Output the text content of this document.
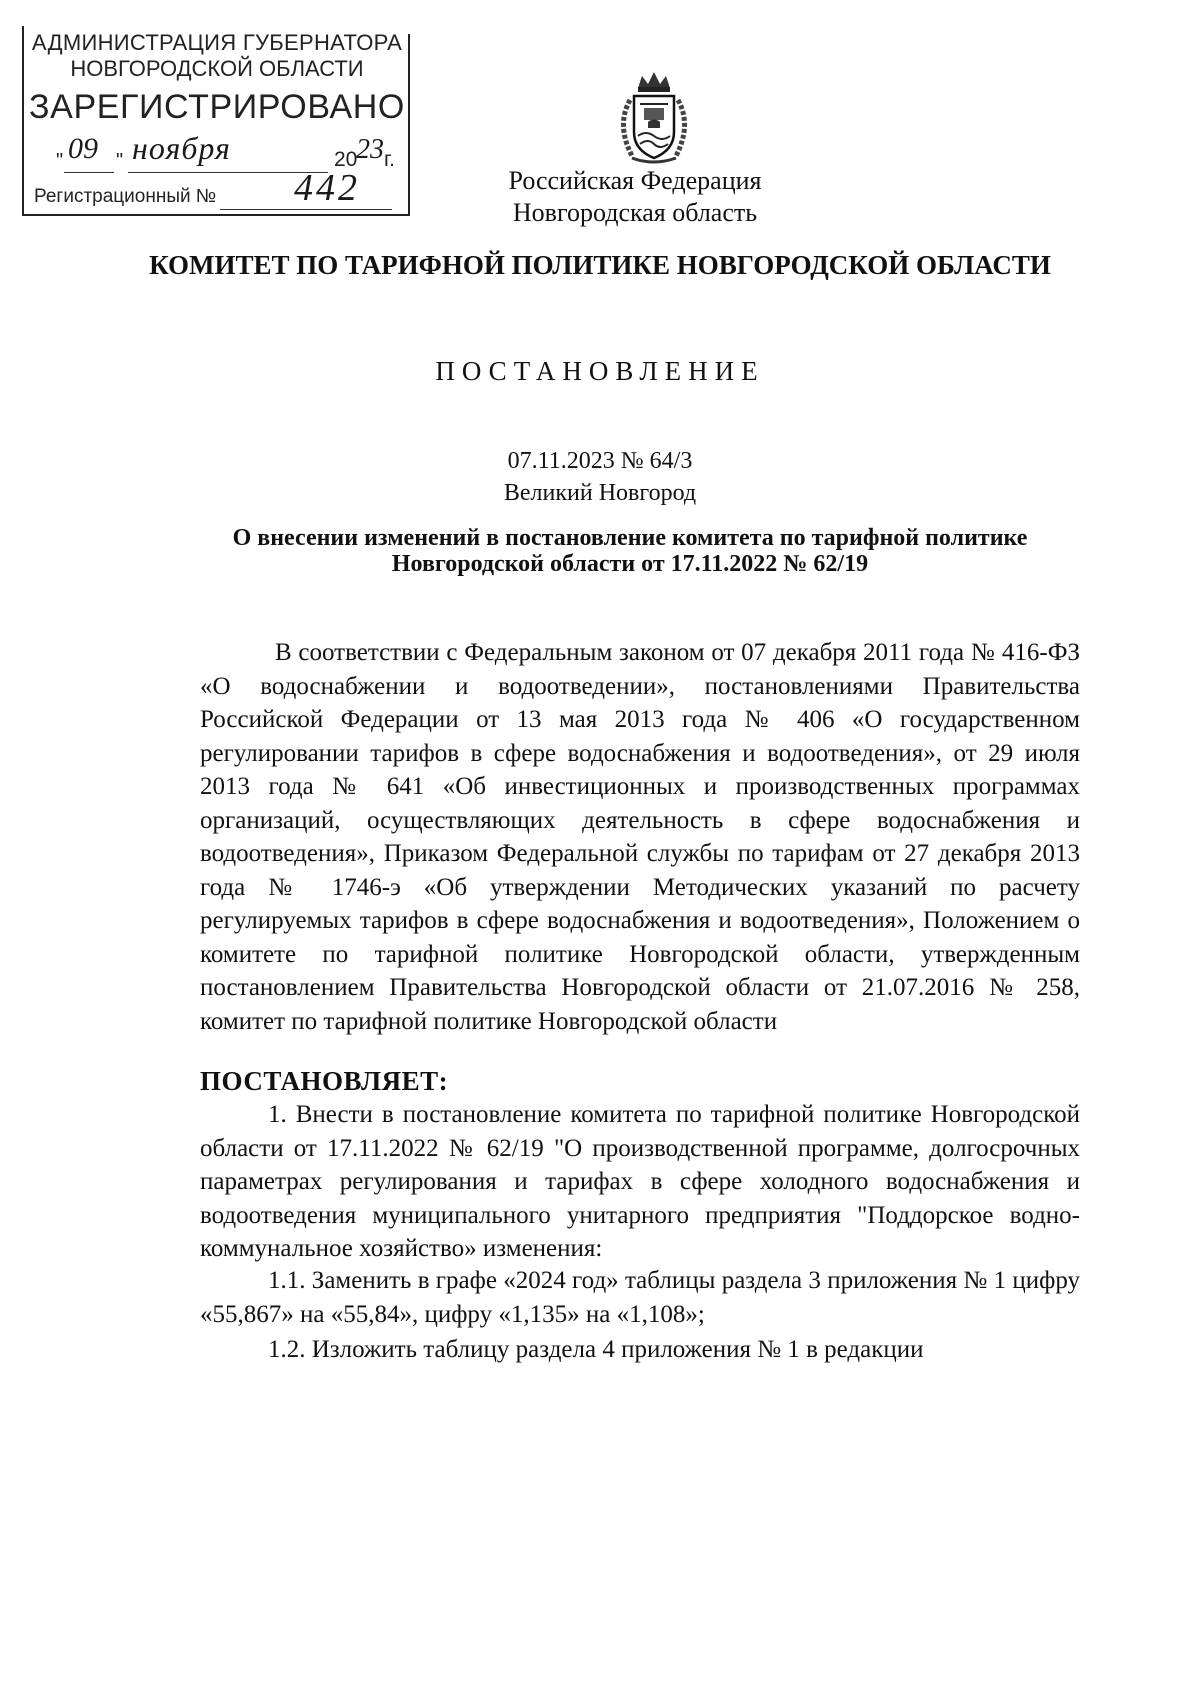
АДМИНИСТРАЦИЯ ГУБЕРНАТОРА
НОВГОРОДСКОЙ ОБЛАСТИ
ЗАРЕГИСТРИРОВАНО
" 09 " ноября	20
23 г.
Регистрационный № 442	Российская Федерация
Новгородская область
КОМИТЕТ ПО ТАРИФНОЙ ПОЛИТИКЕ НОВГОРОДСКОЙ ОБЛАСТИ
ПОСТАНОВЛЕНИЕ
07.11.2023 № 64/3
Великий Новгород
О внесении изменений в постановление комитета по тарифной политике
Новгородской области от 17.11.2022 № 62/19
В соответствии с Федеральным законом от 07 декабря 2011 года № 416-ФЗ «О водоснабжении и водоотведении», постановлениями Правительства Российской Федерации от 13 мая 2013 года № 406 «О государственном регулировании тарифов в сфере водоснабжения и водоотведения», от 29 июля 2013 года № 641 «Об инвестиционных и производственных программах организаций, осуществляющих деятельность в сфере водоснабжения и водоотведения», Приказом Федеральной службы по тарифам от 27 декабря 2013 года № 1746-э «Об утверждении Методических указаний по расчету регулируемых тарифов в сфере водоснабжения и водоотведения», Положением о комитете по тарифной политике Новгородской области, утвержденным постановлением Правительства Новгородской области от 21.07.2016 № 258, комитет по тарифной политике Новгородской области
ПОСТАНОВЛЯЕТ:
1. Внести в постановление комитета по тарифной политике Новгородской области от 17.11.2022 № 62/19 "О производственной программе, долгосрочных параметрах регулирования и тарифах в сфере холодного водоснабжения и водоотведения муниципального унитарного предприятия "Поддорское водно-коммунальное хозяйство» изменения:
1.1. Заменить в графе «2024 год» таблицы раздела 3 приложения № 1 цифру «55,867» на «55,84», цифру «1,135» на «1,108»;
1.2. Изложить таблицу раздела 4 приложения № 1 в редакции
